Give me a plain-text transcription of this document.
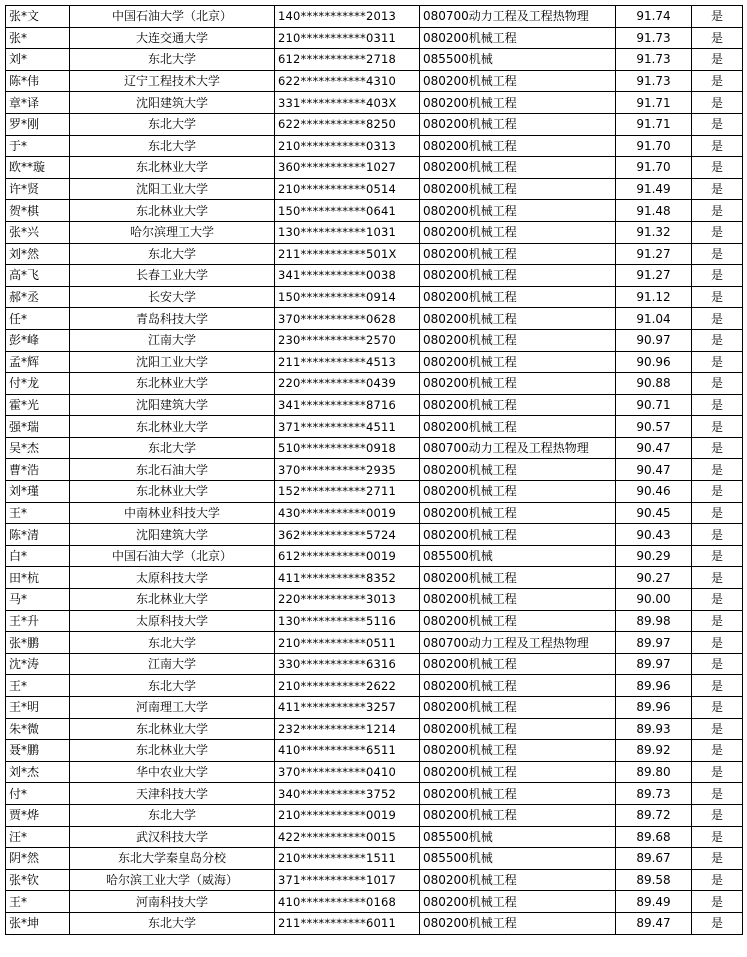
张*文	中国石油大学（北京）	140***********2013	080700动力工程及工程热物理	91.74	是
张*	大连交通大学	210***********0311	080200机械工程	91.73	是
刘*	东北大学	612***********2718	085500机械	91.73	是
陈*伟	辽宁工程技术大学	622***********4310	080200机械工程	91.73	是
章*译	沈阳建筑大学	331***********403X	080200机械工程	91.71	是
罗*刚	东北大学	622***********8250	080200机械工程	91.71	是
于*	东北大学	210***********0313	080200机械工程	91.70	是
欧**璇	东北林业大学	360***********1027	080200机械工程	91.70	是
许*贤	沈阳工业大学	210***********0514	080200机械工程	91.49	是
贺*棋	东北林业大学	150***********0641	080200机械工程	91.48	是
张*兴	哈尔滨理工大学	130***********1031	080200机械工程	91.32	是
刘*然	东北大学	211***********501X	080200机械工程	91.27	是
高*飞	长春工业大学	341***********0038	080200机械工程	91.27	是
郝*丞	长安大学	150***********0914	080200机械工程	91.12	是
任*	青岛科技大学	370***********0628	080200机械工程	91.04	是
彭*峰	江南大学	230***********2570	080200机械工程	90.97	是
孟*辉	沈阳工业大学	211***********4513	080200机械工程	90.96	是
付*龙	东北林业大学	220***********0439	080200机械工程	90.88	是
霍*光	沈阳建筑大学	341***********8716	080200机械工程	90.71	是
强*瑞	东北林业大学	371***********4511	080200机械工程	90.57	是
吴*杰	东北大学	510***********0918	080700动力工程及工程热物理	90.47	是
曹*浩	东北石油大学	370***********2935	080200机械工程	90.47	是
刘*瑾	东北林业大学	152***********2711	080200机械工程	90.46	是
王*	中南林业科技大学	430***********0019	080200机械工程	90.45	是
陈*清	沈阳建筑大学	362***********5724	080200机械工程	90.43	是
白*	中国石油大学（北京）	612***********0019	085500机械	90.29	是
田*杭	太原科技大学	411***********8352	080200机械工程	90.27	是
马*	东北林业大学	220***********3013	080200机械工程	90.00	是
王*升	太原科技大学	130***********5116	080200机械工程	89.98	是
张*鹏	东北大学	210***********0511	080700动力工程及工程热物理	89.97	是
沈*涛	江南大学	330***********6316	080200机械工程	89.97	是
王*	东北大学	210***********2622	080200机械工程	89.96	是
王*明	河南理工大学	411***********3257	080200机械工程	89.96	是
朱*微	东北林业大学	232***********1214	080200机械工程	89.93	是
聂*鹏	东北林业大学	410***********6511	080200机械工程	89.92	是
刘*杰	华中农业大学	370***********0410	080200机械工程	89.80	是
付*	天津科技大学	340***********3752	080200机械工程	89.73	是
贾*烨	东北大学	210***********0019	080200机械工程	89.72	是
汪*	武汉科技大学	422***********0015	085500机械	89.68	是
阴*然	东北大学秦皇岛分校	210***********1511	085500机械	89.67	是
张*钦	哈尔滨工业大学（威海）	371***********1017	080200机械工程	89.58	是
王*	河南科技大学	410***********0168	080200机械工程	89.49	是
张*坤	东北大学	211***********6011	080200机械工程	89.47	是
